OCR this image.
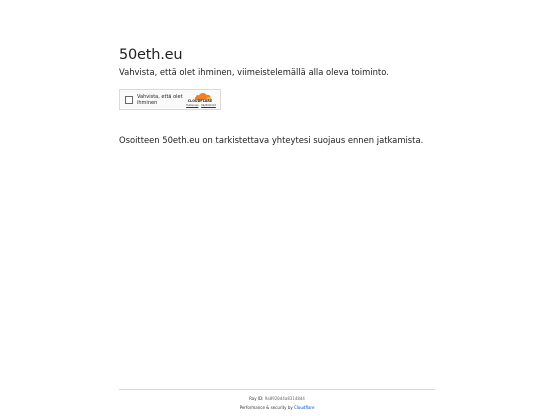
50eth.eu
Vahvista, että olet ihminen, viimeistelemällä alla oleva toiminto.
Vahvista, että olet ihminen	CLOUDFLARE
Tietosuoja·Käyttöehdot
Osoitteen 50eth.eu on tarkistettava yhteytesi suojaus ennen jatkamista.
Ray ID: 9a8920d4a83148d4
Performance & security by Cloudflare
